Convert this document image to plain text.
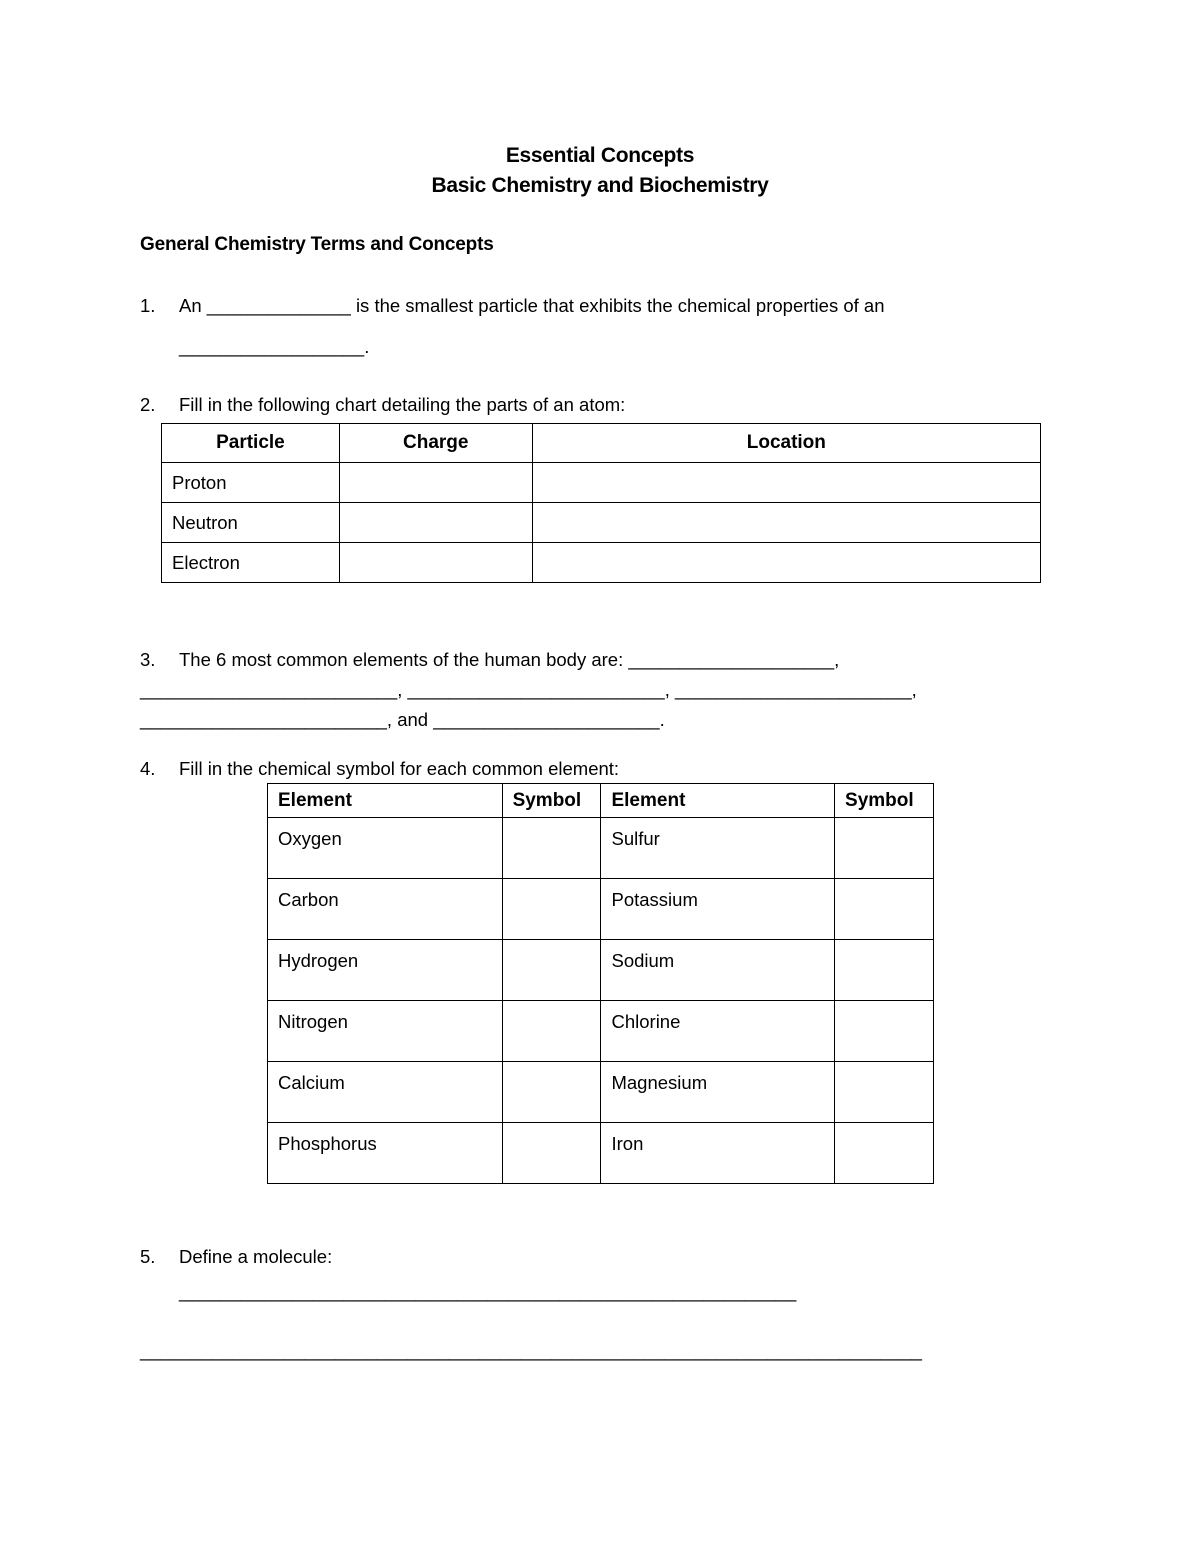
Essential Concepts
Basic Chemistry and Biochemistry
General Chemistry Terms and Concepts
1. An ______________ is the smallest particle that exhibits the chemical properties of an
__________________.
2. Fill in the following chart detailing the parts of an atom:
Particle	Charge	Location
Proton		
Neutron		
Electron		
3. The 6 most common elements of the human body are: ____________________,
_________________________, _________________________, _______________________,
________________________, and ______________________.
4. Fill in the chemical symbol for each common element:
Element	Symbol	Element	Symbol
Oxygen		Sulfur	
Carbon		Potassium	
Hydrogen		Sodium	
Nitrogen		Chlorine	
Calcium		Magnesium	
Phosphorus		Iron	
5. Define a molecule:
____________________________________________________________
____________________________________________________________________________
